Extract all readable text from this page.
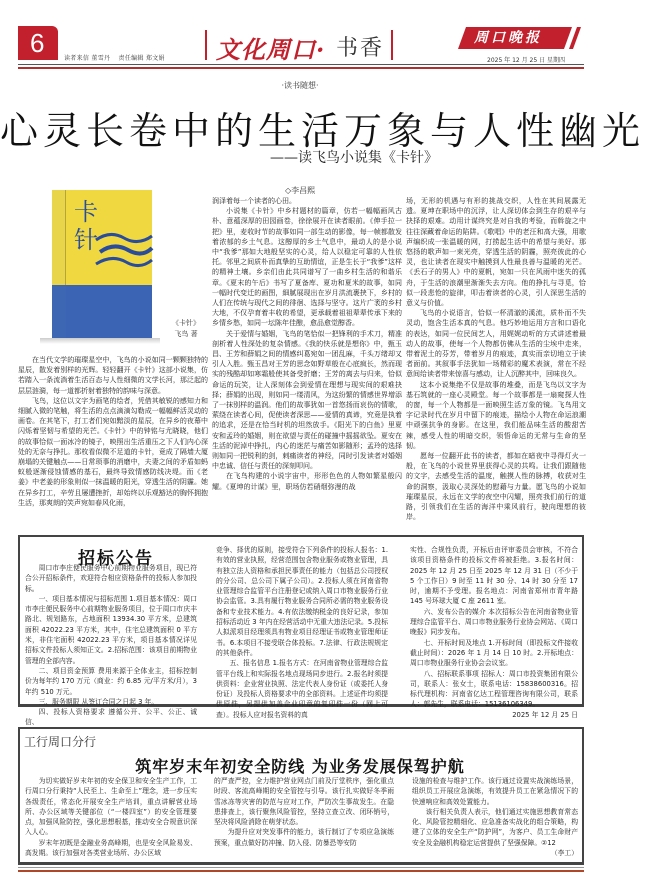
6
读者来信 董雪丹 责任编辑 郑文娟 文化周口· 书香	周口晚报
2025 年 12 月 25 日 星期四
·读书随想·
心灵长卷中的生活万象与人性幽光
——读飞鸟小说集《卡针》
◇李昌熙
卡针
《卡针》
飞鸟 著

在当代文学的璀璨星空中，飞鸟的小说如同一颗颗独特的星辰，散发着别样的光辉。轻轻翻开《卡针》这部小说集，仿若踏入一条流淌着生活百态与人性细微的文学长河，那泛起的层层涟漪，每一道都折射着独特的韵味与深意。

飞鸟，这位以文字为画笔的绘者，凭借其敏锐的感知力和细腻入微的笔触，将生活的点点滴滴勾勒成一幅幅鲜活灵动的画卷。在其笔下，打工者们宛如黯淡的星辰，在异乡的夜幕中闪烁着坚韧与希望的光芒。《卡针》中的钟铭与尤晓晓，他们的故事恰似一面冰冷的镜子，映照出生活重压之下人们内心深处的无奈与挣扎。那枚看似微不足道的卡针，竟成了隔墙大厦崩塌的关键触点——日常琐事的消磨中，夫妻之间的矛盾如蚂蚁般逐渐侵蚀情感的基石，最终导致情感防线决堤。而《老姜》中老姜的形象则似一抹温暖的阳光，穿透生活的阴霾。她在异乡打工，辛劳且屡遭挫折，却始终以乐观豁达的胸怀拥抱生活，那爽朗的笑声宛如春风化雨，

润泽着每一个读者的心田。

小说集《卡针》中乡村题材的篇章，仿若一幅幅画风古朴、意蕴深厚的田园画卷，徐徐展开在读者眼前。《伸手拉一把》里，麦收时节的故事如同一部生动的影像，每一帧都散发着浓郁的乡土气息。这醇厚的乡土气息中，最动人的是小说中“我爹”那如大地般坚实的心灵，给人以稳定可靠的人性依托。邻里之间质朴而真挚的互助情谊，正是生长于“我爹”这样的精神土壤。乡亲们由此共同谱写了一曲乡村生活的和谐乐章。《夏末的午后》书写了夏备库、夏功和夏米的故事，如同一幅时代变迁的画图，細腻展现出在岁月洪流裹挟下，乡村的人们在传统与现代之间的徘徊、选择与坚守。这片广袤的乡村大地，不仅孕育着丰收的希望，更承载着祖祖辈辈传承下来的乡情乡愁，如同一坛陈年佳酿，愈品愈觉醇香。

关于爱情与婚姻，飞鸟的笔恰似一把锋利的手术刀，精准剖析着人性深处的复杂情感。《我的快乐就是想你》中，甄玉昌、王芳和薛娟之间的情感纠葛宛如一团乱麻，千头万绪却又引人入胜。甄玉昌对王芳的思念如野草般在心底疯长，然而现实的残酷却如寒霜般使其备受折磨；王芳的离去与归来，恰似命运的玩笑，让人深刻体会到爱情在理想与现实间的艰难抉择；薛娟的出现，则如同一缕清风，为这纷繁的情感世界增添了一抹别样的温润。他们的故事犹如一首悠扬而哀伤的情歌，萦绕在读者心间，促使读者深思——爱情的真谛，究竟是执着的追求，还是在恰当时机的坦然放手。《阳光下的白鱼》里夏安和孟玲的婚姻，则在欲望与责任的碰撞中摇摇欲坠。夏安在生活的泥淖中挣扎，内心的迷茫与痛苦如影随形；孟玲的选择则如同一把锐利的剑，刺痛读者的神经，同时引发读者对婚姻中忠诚、信任与责任的深刻叩问。

在飞鸟构建的小说宇宙中，形形色色的人物如繁星般闪耀。《夏坤的计谋》里，职场仿若硝烟弥漫的战

场，无形的机遇与有形的挑战交织，人性在其间展露无遗。夏坤在职场中的沉浮，让人深切体会到生存的艰辛与抉择的艰难。动用计谋终究是对自我的考验，而斡旋之中往往深藏着命运的陷阱。《歌唱》中的老汪和高大强，用歌声编织成一张温暖的网，打捞起生活中的希望与美好。那悠扬的歌声如一束光亮，穿透生活的阴霾，照亮彼此的心灵，也让读者在现实中触摸到人性最良善与温暖的光芒。《丢石子的男人》中的夏帆，宛如一只在风雨中迷失的孤舟，于生活的浪潮里渐渐失去方向。他的挣扎与寻觅，恰似一段悲怆的旋律，叩击着读者的心灵，引人深思生活的意义与价值。

飞鸟的小说语言，恰似一杯清澈的溪流，质朴而不失灵动，饱含生活本真的气息。他巧妙地运用方言和口语化的表达，如同一位民间艺人，用娓娓动听的方式讲述着最动人的故事，使每一个人物都仿佛从生活的尘埃中走来，带着泥土的芬芳，带着岁月的痕迹，真实而亲切地立于读者面前。其叙事手法犹如一场精彩的魔术表演，常在不经意间给读者带来惊喜与感动，让人沉醉其中，回味良久。

这本小说集绝不仅是故事的堆叠，而是飞鸟以文字为基石筑就的一座心灵殿堂。每一个故事都是一扇窥探人性的窗，每一个人物都是一面映照生活万象的镜。飞鸟用文字记录时代在岁月中留下的痕迹，描绘小人物在命运浪潮中顽强抗争的身影。在这里，我们能品味生活的酸甜苦辣，感受人性的明暗交织，领悟命运的无常与生命的坚韧。

愿每一位翻开此书的读者，都如在暗夜中寻得灯火一般，在飞鸟的小说世界里获得心灵的共鸣。让我们跟随他的文字，去感受生活的温度，触摸人性的脉搏，收获对生命的洞察，汲取心灵深处的慰藉与力量。愿飞鸟的小说如璀璨星辰，永远在文学的夜空中闪耀，照亮我们前行的道路，引领我们在生活的海洋中乘风前行，驶向理想的彼岸。

招标公告

周口市李庄便民服务中心前期物业服务项目，现已符合公开招标条件，欢迎符合相应资格条件的投标人参加投标。

一、项目基本情况与招标范围 1.项目基本情况：周口市李庄便民服务中心前期物业服务项目，位于周口市庆丰路北、规划路东，占地面积 13934.30 平方米，总建筑面积 42022.23 平方米，其中，住宅总建筑面积 0 平方米，非住宅面积 42022.23 平方米，项目基本情况详见招标文件投标人须知正文。2.招标范围：该项目前期物业管理的全部内容。

二、项目资金预算 费用来源于全体业主，招标控制价为每年约 170 万元（商业：约 6.85 元/平方米/月），3 年约 510 万元。

三、服务期限 从签订合同之日起 3 年。

四、投标人资格要求 遵循公开、公平、公正、诚信、

竞争、择优的原则，接受符合下列条件的投标人报名：1.有效的营业执照，经营范围包含物业服务或物业管理，具有独立法人资格和承担民事责任的能力（包括总公司授权的分公司、总公司下属子公司）。2.投标人须在河南省物业管理综合监管平台注册登记或纳入周口市物业服务行业协会监管。3.具有履行物业服务合同所必需的物业服务设备和专业技术能力。4.有依法缴纳税金的良好记录，参加招标活动近 3 年内在经营活动中无重大违法记录。5.投标人拟派项目经理须具有物业项目经理证书或物业管理师证书。6.本项目不接受联合体投标。7.法律、行政法规规定的其他条件。

五、报名信息 1.报名方式：在河南省物业管理综合监管平台线上和实际报名地点现场同步进行。2.报名时须提供资料：企业营业执照、法定代表人身份证（或委托人身份证）及投标人资格要求中的全部资料。上述证件均须提供原件，另提供加盖企业印章的复印件一份（网上可查）。投标人应对报名资料的真

实性、合规性负责，开标后由评审委员会审核，不符合该项目资格条件的投标文件将被拒绝。3.报名时间：2025 年 12 月 25 日至 2025 年 12 月 31 日（不少于 5 个工作日）9 时至 11 时 30 分、14 时 30 分至 17 时，逾期不予受理。报名地点：河南省郑州市青年路 145 号环球大厦 C 座 2611 室。

六、发布公告的媒介 本次招标公告在河南省物业管理综合监管平台、周口市物业服务行业协会网站、《周口晚报》同步发布。

七、开标时间及地点 1.开标时间（即投标文件接收截止时间）：2026 年 1 月 14 日 10 时。2.开标地点：周口市物业服务行业协会会议室。

八、招标联系事项 招标人：周口市投资集团有限公司，联系人：张女士，联系电话：15838600316。招标代理机构：河南省亿达工程管理咨询有限公司，联系人：郭先生，联系电话：15136106349。

2025 年 12 月 25 日

工行周口分行
筑牢岁末年初安全防线 为业务发展保驾护航

为切实做好岁末年初的安全保卫和安全生产工作，工行周口分行秉持“人民至上、生命至上”理念，进一步压实各级责任，常态化开展安全生产培训，重点讲解营业场所、办公区域等关键部位（“一楼四室”）的安全管理要点，加强风险防控，强化思想根基，推动安全合规意识深入人心。

岁末年初既是金融业务高峰期，也是安全风险易发、高发期。该行加强对各类营业场所、办公区域

的严查严控，全力维护营业网点门前及厅堂秩序，强化重点时段、客流高峰期的安全管控与引导。该行扎实做好冬季雨雪冰冻等灾害的防范与应对工作，严防次生事故发生。在隐患排查上，该行聚焦风险管控，坚持立查立改、闭环销号，坚决将风险消除在萌芽状态。

为提升应对突发事件的能力，该行制订了专项应急演练预案，重点做好防冲撞、防入侵、防暴恐等安防

设施的检查与维护工作。该行通过设置实战演练场景，组织员工开展应急演练，有效提升员工在紧急情况下的快速响应和高效处置能力。

该行相关负责人表示，他们通过实施思想教育常态化、风险管控精细化、应急准备实战化的组合策略，构建了立体的安全生产“防护网”，为客户、员工生命财产安全及金融机构稳定运营提供了坚强保障。②12
（李工）
